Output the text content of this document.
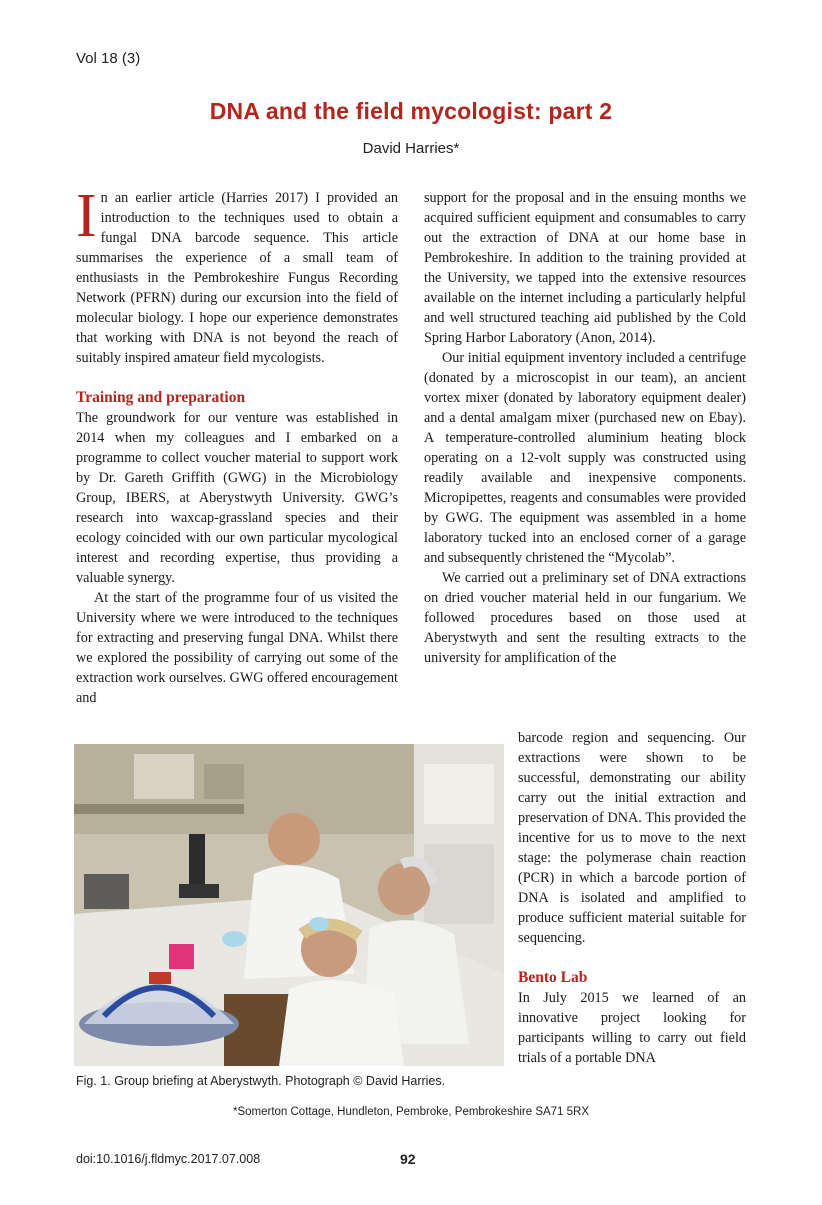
Vol 18 (3)
DNA and the field mycologist: part 2
David Harries*

In an earlier article (Harries 2017) I provided an introduction to the techniques used to obtain a fungal DNA barcode sequence. This article summarises the experience of a small team of enthusiasts in the Pembrokeshire Fungus Recording Network (PFRN) during our excursion into the field of molecular biology. I hope our experience demonstrates that working with DNA is not beyond the reach of suitably inspired amateur field mycologists.

Training and preparation

The groundwork for our venture was established in 2014 when my colleagues and I embarked on a programme to collect voucher material to support work by Dr. Gareth Griffith (GWG) in the Microbiology Group, IBERS, at Aberystwyth University. GWG’s research into waxcap-grassland species and their ecology coincided with our own particular mycological interest and recording expertise, thus providing a valuable synergy.

At the start of the programme four of us visited the University where we were introduced to the techniques for extracting and preserving fungal DNA. Whilst there we explored the possibility of carrying out some of the extraction work ourselves. GWG offered encouragement and

support for the proposal and in the ensuing months we acquired sufficient equipment and consumables to carry out the extraction of DNA at our home base in Pembrokeshire. In addition to the training provided at the University, we tapped into the extensive resources available on the internet including a particularly helpful and well structured teaching aid published by the Cold Spring Harbor Laboratory (Anon, 2014).

Our initial equipment inventory included a centrifuge (donated by a microscopist in our team), an ancient vortex mixer (donated by laboratory equipment dealer) and a dental amalgam mixer (purchased new on Ebay). A temperature-controlled aluminium heating block operating on a 12-volt supply was constructed using readily available and inexpensive components. Micropipettes, reagents and consumables were provided by GWG. The equipment was assembled in a home laboratory tucked into an enclosed corner of a garage and subsequently christened the “Mycolab”.

We carried out a preliminary set of DNA extractions on dried voucher material held in our fungarium. We followed procedures based on those used at Aberystwyth and sent the resulting extracts to the university for amplification of the

barcode region and sequencing. Our extractions were shown to be successful, demonstrating our ability carry out the initial extraction and preservation of DNA. This provided the incentive for us to move to the next stage: the polymerase chain reaction (PCR) in which a barcode portion of DNA is isolated and amplified to produce sufficient material suitable for sequencing.

Bento Lab

In July 2015 we learned of an innovative project looking for participants willing to carry out field trials of a portable DNA

Fig. 1. Group briefing at Aberystwyth. Photograph © David Harries.
*Somerton Cottage, Hundleton, Pembroke, Pembrokeshire SA71 5RX
doi:10.1016/j.fldmyc.2017.07.008	92
